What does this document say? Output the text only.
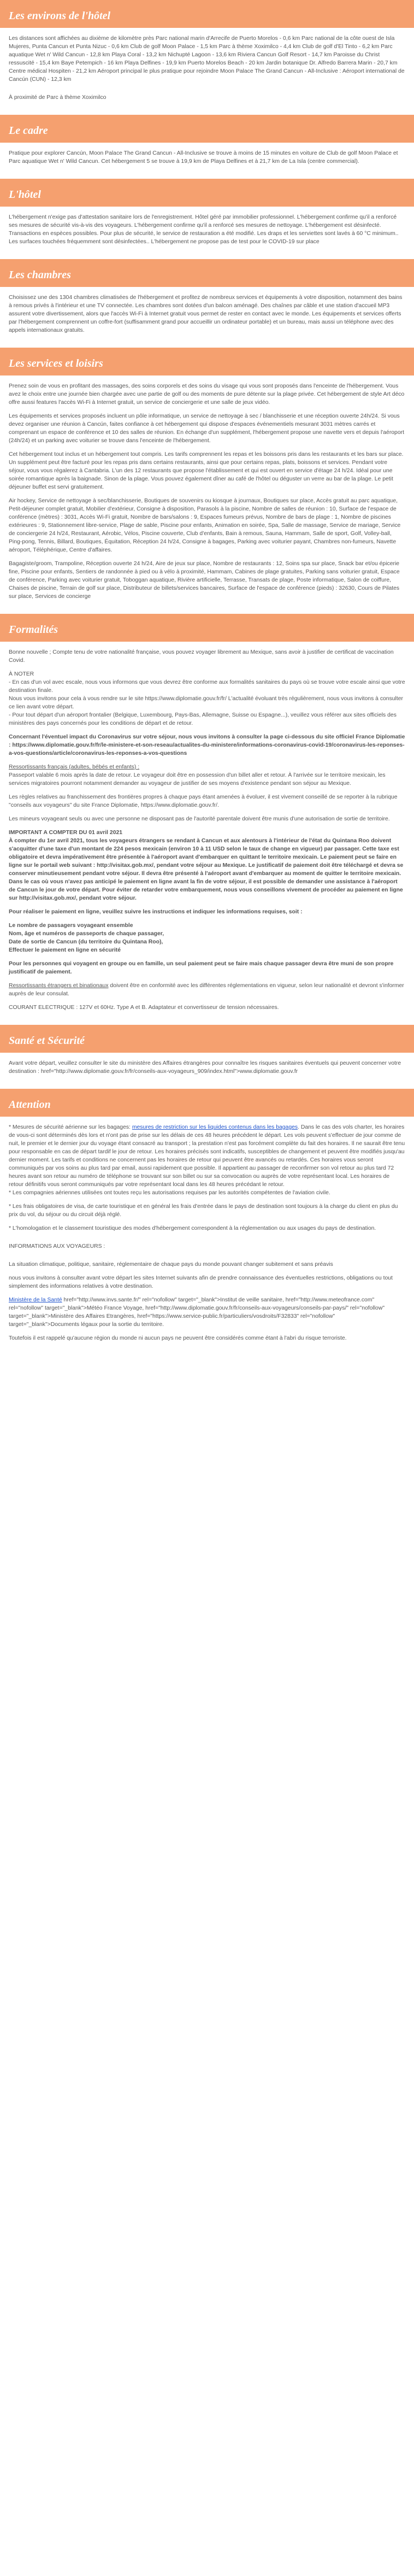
Les environs de l'hôtel

Les distances sont affichées au dixième de kilomètre près Parc national marin d'Arrecife de Puerto Morelos - 0,6 km Parc national de la côte ouest de Isla Mujeres, Punta Cancun et Punta Nizuc - 0,6 km Club de golf Moon Palace - 1,5 km Parc à thème Xoximilco - 4,4 km Club de golf d'El Tinto - 6,2 km Parc aquatique Wet n' Wild Cancun - 12,8 km Playa Coral - 13,2 km Nichupté Lagoon - 13,6 km Riviera Cancun Golf Resort - 14,7 km Paroisse du Christ ressuscité - 15,4 km Baye Petempich - 16 km Playa Delfines - 19,9 km Puerto Morelos Beach - 20 km Jardin botanique Dr. Alfredo Barrera Marin - 20,7 km Centre médical Hospiten - 21,2 km Aéroport principal le plus pratique pour rejoindre Moon Palace The Grand Cancun - All-Inclusive : Aéroport international de Cancún (CUN) - 12,3 km

À proximité de Parc à thème Xoximilco

Le cadre

Pratique pour explorer Cancún, Moon Palace The Grand Cancun - All-Inclusive se trouve à moins de 15 minutes en voiture de Club de golf Moon Palace et Parc aquatique Wet n' Wild Cancun. Cet hébergement 5 se trouve à 19,9 km de Playa Delfines et à 21,7 km de La Isla (centre commercial).

L'hôtel

L'hébergement n'exige pas d'attestation sanitaire lors de l'enregistrement. Hôtel géré par immobilier professionnel. L'hébergement confirme qu'il a renforcé ses mesures de sécurité vis-à-vis des voyageurs. L'hébergement confirme qu'il a renforcé ses mesures de nettoyage. L'hébergement est désinfecté. Transactions en espèces possibles. Pour plus de sécurité, le service de restauration a été modifié. Les draps et les serviettes sont lavés à 60 °C minimum.. Les surfaces touchées fréquemment sont désinfectées.. L'hébergement ne propose pas de test pour le COVID-19 sur place

Les chambres

Choisissez une des 1304 chambres climatisées de l'hébergement et profitez de nombreux services et équipements à votre disposition, notamment des bains à remous privés à l'intérieur et une TV connectée. Les chambres sont dotées d'un balcon aménagé. Des chaînes par câble et une station d'accueil MP3 assurent votre divertissement, alors que l'accès Wi-Fi à Internet gratuit vous permet de rester en contact avec le monde. Les équipements et services offerts par l'hébergement comprennent un coffre-fort (suffisamment grand pour accueillir un ordinateur portable) et un bureau, mais aussi un téléphone avec des appels internationaux gratuits.

Les services et loisirs

Prenez soin de vous en profitant des massages, des soins corporels et des soins du visage qui vous sont proposés dans l'enceinte de l'hébergement. Vous avez le choix entre une journée bien chargée avec une partie de golf ou des moments de pure détente sur la plage privée. Cet hébergement de style Art déco offre aussi features l'accès Wi-Fi à Internet gratuit, un service de conciergerie et une salle de jeux vidéo.

Les équipements et services proposés incluent un pôle informatique, un service de nettoyage à sec / blanchisserie et une réception ouverte 24h/24. Si vous devez organiser une réunion à Cancún, faites confiance à cet hébergement qui dispose d'espaces événementiels mesurant 3031 mètres carrés et comprenant un espace de conférence et 10 des salles de réunion. En échange d'un supplément, l'hébergement propose une navette vers et depuis l'aéroport (24h/24) et un parking avec voiturier se trouve dans l'enceinte de l'hébergement.

Cet hébergement tout inclus et un hébergement tout compris. Les tarifs comprennent les repas et les boissons pris dans les restaurants et les bars sur place. Un supplément peut être facturé pour les repas pris dans certains restaurants, ainsi que pour certains repas, plats, boissons et services. Pendant votre séjour, vous vous régalerez à Cantabria. L'un des 12 restaurants que propose l'établissement et qui est ouvert en service d'étage 24 h/24. Idéal pour une soirée romantique après la baignade. Sinon de la plage. Vous pouvez également dîner au café de l'hôtel ou déguster un verre au bar de la plage. Le petit déjeuner buffet est servi gratuitement.

Air hockey, Service de nettoyage à sec/blanchisserie, Boutiques de souvenirs ou kiosque à journaux, Boutiques sur place, Accès gratuit au parc aquatique, Petit-déjeuner complet gratuit, Mobilier d'extérieur, Consigne à disposition, Parasols à la piscine, Nombre de salles de réunion : 10, Surface de l'espace de conférence (mètres) : 3031, Accès Wi-Fi gratuit, Nombre de bars/salons : 9, Espaces fumeurs prévus, Nombre de bars de plage : 1, Nombre de piscines extérieures : 9, Stationnement libre-service, Plage de sable, Piscine pour enfants, Animation en soirée, Spa, Salle de massage, Service de mariage, Service de conciergerie 24 h/24, Restaurant, Aérobic, Vélos, Piscine couverte, Club d'enfants, Bain à remous, Sauna, Hammam, Salle de sport, Golf, Volley-ball, Ping-pong, Tennis, Billard, Boutiques, Équitation, Réception 24 h/24, Consigne à bagages, Parking avec voiturier payant, Chambres non-fumeurs, Navette aéroport, Téléphérique, Centre d'affaires.

Bagagiste/groom, Trampoline, Réception ouverte 24 h/24, Aire de jeux sur place, Nombre de restaurants : 12, Soins spa sur place, Snack bar et/ou épicerie fine, Piscine pour enfants, Sentiers de randonnée à pied ou à vélo à proximité, Hammam, Cabines de plage gratuites, Parking sans voiturier gratuit, Espace de conférence, Parking avec voiturier gratuit, Toboggan aquatique, Rivière artificielle, Terrasse, Transats de plage, Poste informatique, Salon de coiffure, Chaises de piscine, Terrain de golf sur place, Distributeur de billets/services bancaires, Surface de l'espace de conférence (pieds) : 32630, Cours de Pilates sur place, Services de concierge

Formalités

Bonne nouvelle ; Compte tenu de votre nationalité française, vous pouvez voyager librement au Mexique, sans avoir à justifier de certificat de vaccination Covid.

À NOTER
- En cas d'un vol avec escale, nous vous informons que vous devrez être conforme aux formalités sanitaires du pays où se trouve votre escale ainsi que votre destination finale.
Nous vous invitons pour cela à vous rendre sur le site https://www.diplomatie.gouv.fr/fr/ L'actualité évoluant très régulièrement, nous vous invitons à consulter ce lien avant votre départ.
- Pour tout départ d'un aéroport frontalier (Belgique, Luxembourg, Pays-Bas, Allemagne, Suisse ou Espagne...), veuillez vous référer aux sites officiels des ministères des pays concernés pour les conditions de départ et de retour.

Concernant l'éventuel impact du Coronavirus sur votre séjour, nous vous invitons à consulter la page ci-dessous du site officiel France Diplomatie : https://www.diplomatie.gouv.fr/fr/le-ministere-et-son-reseau/actualites-du-ministere/informations-coronavirus-covid-19/coronavirus-les-reponses-a-vos-questions/article/coronavirus-les-reponses-a-vos-questions

Ressortissants français (adultes, bébés et enfants) :
Passeport valable 6 mois après la date de retour. Le voyageur doit être en possession d'un billet aller et retour. À l'arrivée sur le territoire mexicain, les services migratoires pourront notamment demander au voyageur de justifier de ses moyens d'existence pendant son séjour au Mexique.

Les règles relatives au franchissement des frontières propres à chaque pays étant amenées à évoluer, il est vivement conseillé de se reporter à la rubrique "conseils aux voyageurs" du site France Diplomatie, https://www.diplomatie.gouv.fr/.

Les mineurs voyageant seuls ou avec une personne ne disposant pas de l'autorité parentale doivent être munis d'une autorisation de sortie de territoire.

IMPORTANT A COMPTER DU 01 avril 2021
À compter du 1er avril 2021, tous les voyageurs étrangers se rendant à Cancun et aux alentours à l'intérieur de l'état du Quintana Roo doivent s'acquitter d'une taxe d'un montant de 224 pesos mexicain (environ 10 à 11 USD selon le taux de change en vigueur) par passager. Cette taxe est obligatoire et devra impérativement être présentée à l'aéroport avant d'embarquer en quittant le territoire mexicain. Le paiement peut se faire en ligne sur le portail web suivant : http://visitax.gob.mx/, pendant votre séjour au Mexique. Le justificatif de paiement doit être téléchargé et devra se conserver minutieusement pendant votre séjour. Il devra être présenté à l'aéroport avant d'embarquer au moment de quitter le territoire mexicain. Dans le cas où vous n'avez pas anticipé le paiement en ligne avant la fin de votre séjour, il est possible de demander une assistance à l'aéroport de Cancun le jour de votre départ. Pour éviter de retarder votre embarquement, nous vous conseillons vivement de procéder au paiement en ligne sur http://visitax.gob.mx/, pendant votre séjour.

Pour réaliser le paiement en ligne, veuillez suivre les instructions et indiquer les informations requises, soit :

Le nombre de passagers voyageant ensemble
Nom, âge et numéros de passeports de chaque passager,
Date de sortie de Cancun (du territoire du Quintana Roo),
Effectuer le paiement en ligne en sécurité

Pour les personnes qui voyagent en groupe ou en famille, un seul paiement peut se faire mais chaque passager devra être muni de son propre justificatif de paiement.

Ressortissants étrangers et binationaux doivent être en conformité avec les différentes réglementations en vigueur, selon leur nationalité et devront s'informer auprès de leur consulat.

COURANT ELECTRIQUE : 127V et 60Hz. Type A et B. Adaptateur et convertisseur de tension nécessaires.

Santé et Sécurité

Avant votre départ, veuillez consulter le site du ministère des Affaires étrangères pour connaître les risques sanitaires éventuels qui peuvent concerner votre destination : href="http://www.diplomatie.gouv.fr/fr/conseils-aux-voyageurs_909/index.html">www.diplomatie.gouv.fr

Attention

* Mesures de sécurité aérienne sur les bagages: mesures de restriction sur les liquides contenus dans les bagages. Dans le cas des vols charter, les horaires de vous-ci sont déterminés dès lors et n'ont pas de prise sur les délais de ces 48 heures précédent le départ. Les vols peuvent s'effectuer de jour comme de nuit, le premier et le dernier jour du voyage étant consacré au transport ; la prestation n'est pas forcément complète du fait des horaires. Il ne saurait être tenu pour responsable en cas de départ tardif le jour de retour. Les horaires précisés sont indicatifs, susceptibles de changement et peuvent être modifiés jusqu'au dernier moment. Les tarifs et conditions ne concernent pas les horaires de retour qui peuvent être avancés ou retardés. Ces horaires vous seront communiqués par vos soins au plus tard par email, aussi rapidement que possible. Il appartient au passager de reconfirmer son vol retour au plus tard 72 heures avant son retour au numéro de téléphone se trouvant sur son billet ou sur sa convocation ou auprès de votre représentant local. Les horaires de retour définitifs vous seront communiqués par votre représentant local dans les 48 heures précédant le retour.
* Les compagnies aériennes utilisées ont toutes reçu les autorisations requises par les autorités compétentes de l'aviation civile.

* Les frais obligatoires de visa, de carte touristique et en général les frais d'entrée dans le pays de destination sont toujours à la charge du client en plus du prix du vol, du séjour ou du circuit déjà réglé.

* L'homologation et le classement touristique des modes d'hébergement correspondent à la réglementation ou aux usages du pays de destination.

INFORMATIONS AUX VOYAGEURS :

La situation climatique, politique, sanitaire, réglementaire de chaque pays du monde pouvant changer subitement et sans préavis

nous vous invitons à consulter avant votre départ les sites Internet suivants afin de prendre connaissance des éventuelles restrictions, obligations ou tout simplement des informations relatives à votre destination.

Ministère de la Santé href="http://www.invs.sante.fr/" rel="nofollow" target="_blank">Institut de veille sanitaire, href="http://www.meteofrance.com" rel="nofollow" target="_blank">Météo France Voyage, href="http://www.diplomatie.gouv.fr/fr/conseils-aux-voyageurs/conseils-par-pays/" rel="nofollow" target="_blank">Ministère des Affaires Etrangères, href="https://www.service-public.fr/particuliers/vosdroits/F32833" rel="nofollow" target="_blank">Documents légaux pour la sortie du territoire.

Toutefois il est rappelé qu'aucune région du monde ni aucun pays ne peuvent être considérés comme étant à l'abri du risque terroriste.
